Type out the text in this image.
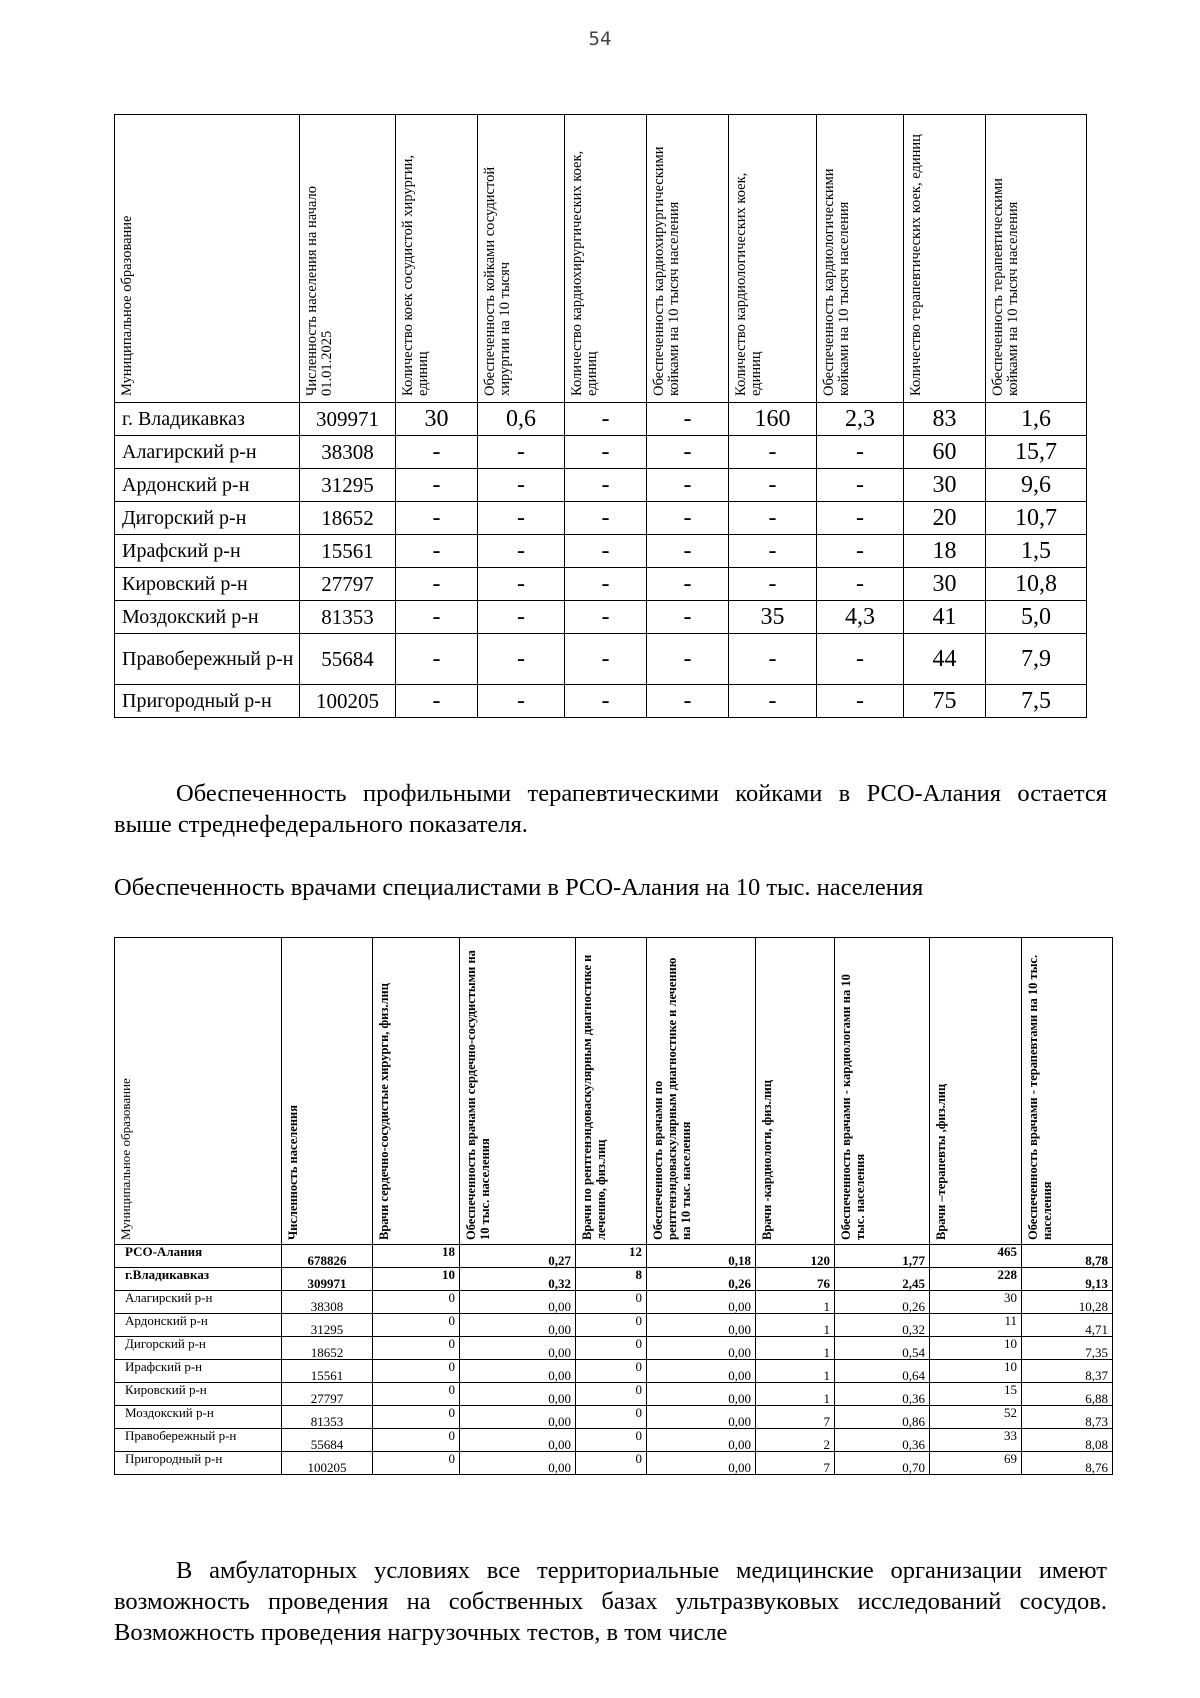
54
Муниципальное образование	Численность населения на начало 01.01.2025	Количество коек сосудистой хирургии, единиц	Обеспеченность койками сосудистой хирургии на 10 тысяч	Количество кардиохирургических коек, единиц	Обеспеченность кардиохирургическими койками на 10 тысяч населения	Количество кардиологических коек, единиц	Обеспеченность кардиологическими койками на 10 тысяч населения	Количество терапевтических коек, единиц	Обеспеченность терапевтическими койками на 10 тысяч населения

г. Владикавказ	309971	30	0,6	-	-	160	2,3	83	1,6
Алагирский р-н	38308	-	-	-	-	-	-	60	15,7
Ардонский р-н	31295	-	-	-	-	-	-	30	9,6
Дигорский р-н	18652	-	-	-	-	-	-	20	10,7
Ирафский р-н	15561	-	-	-	-	-	-	18	1,5
Кировский р-н	27797	-	-	-	-	-	-	30	10,8
Моздокский р-н	81353	-	-	-	-	35	4,3	41	5,0
Правобережный р-н	55684	-	-	-	-	-	-	44	7,9
Пригородный р-н	100205	-	-	-	-	-	-	75	7,5
Обеспеченность профильными терапевтическими койками в РСО-Алания остается выше стреднефедерального показателя.
Обеспеченность врачами специалистами в РСО-Алания на 10 тыс. населения
Муниципальное образование	Численность населения	Врачи сердечно-сосудистые хирурги, физ.лиц	Обеспеченность врачами сердечно-сосудистыми на 10 тыс. населения	Врачи по рентгенэндоваскулярным диагностике и лечению, физ.лиц	Обеспеченность врачами по рентгенэндоваскулярным диагностике и лечению на 10 тыс. населения	Врачи -кардиологи, физ.лиц	Обеспеченность врачами - кардиологами на 10 тыс. населения	Врачи –терапевты ,физ.лиц	Обеспеченность врачами - терапевтами на 10 тыс. населения

РСО-Алания	678826	18	0,27	12	0,18	120	1,77	465	8,78
г.Владикавказ	309971	10	0,32	8	0,26	76	2,45	228	9,13
Алагирский р-н	38308	0	0,00	0	0,00	1	0,26	30	10,28
Ардонский р-н	31295	0	0,00	0	0,00	1	0,32	11	4,71
Дигорский р-н	18652	0	0,00	0	0,00	1	0,54	10	7,35
Ирафский р-н	15561	0	0,00	0	0,00	1	0,64	10	8,37
Кировский р-н	27797	0	0,00	0	0,00	1	0,36	15	6,88
Моздокский р-н	81353	0	0,00	0	0,00	7	0,86	52	8,73
Правобережный р-н	55684	0	0,00	0	0,00	2	0,36	33	8,08
Пригородный р-н	100205	0	0,00	0	0,00	7	0,70	69	8,76
В амбулаторных условиях все территориальные медицинские организации имеют возможность проведения на собственных базах ультразвуковых исследований сосудов. Возможность проведения нагрузочных тестов, в том числе
